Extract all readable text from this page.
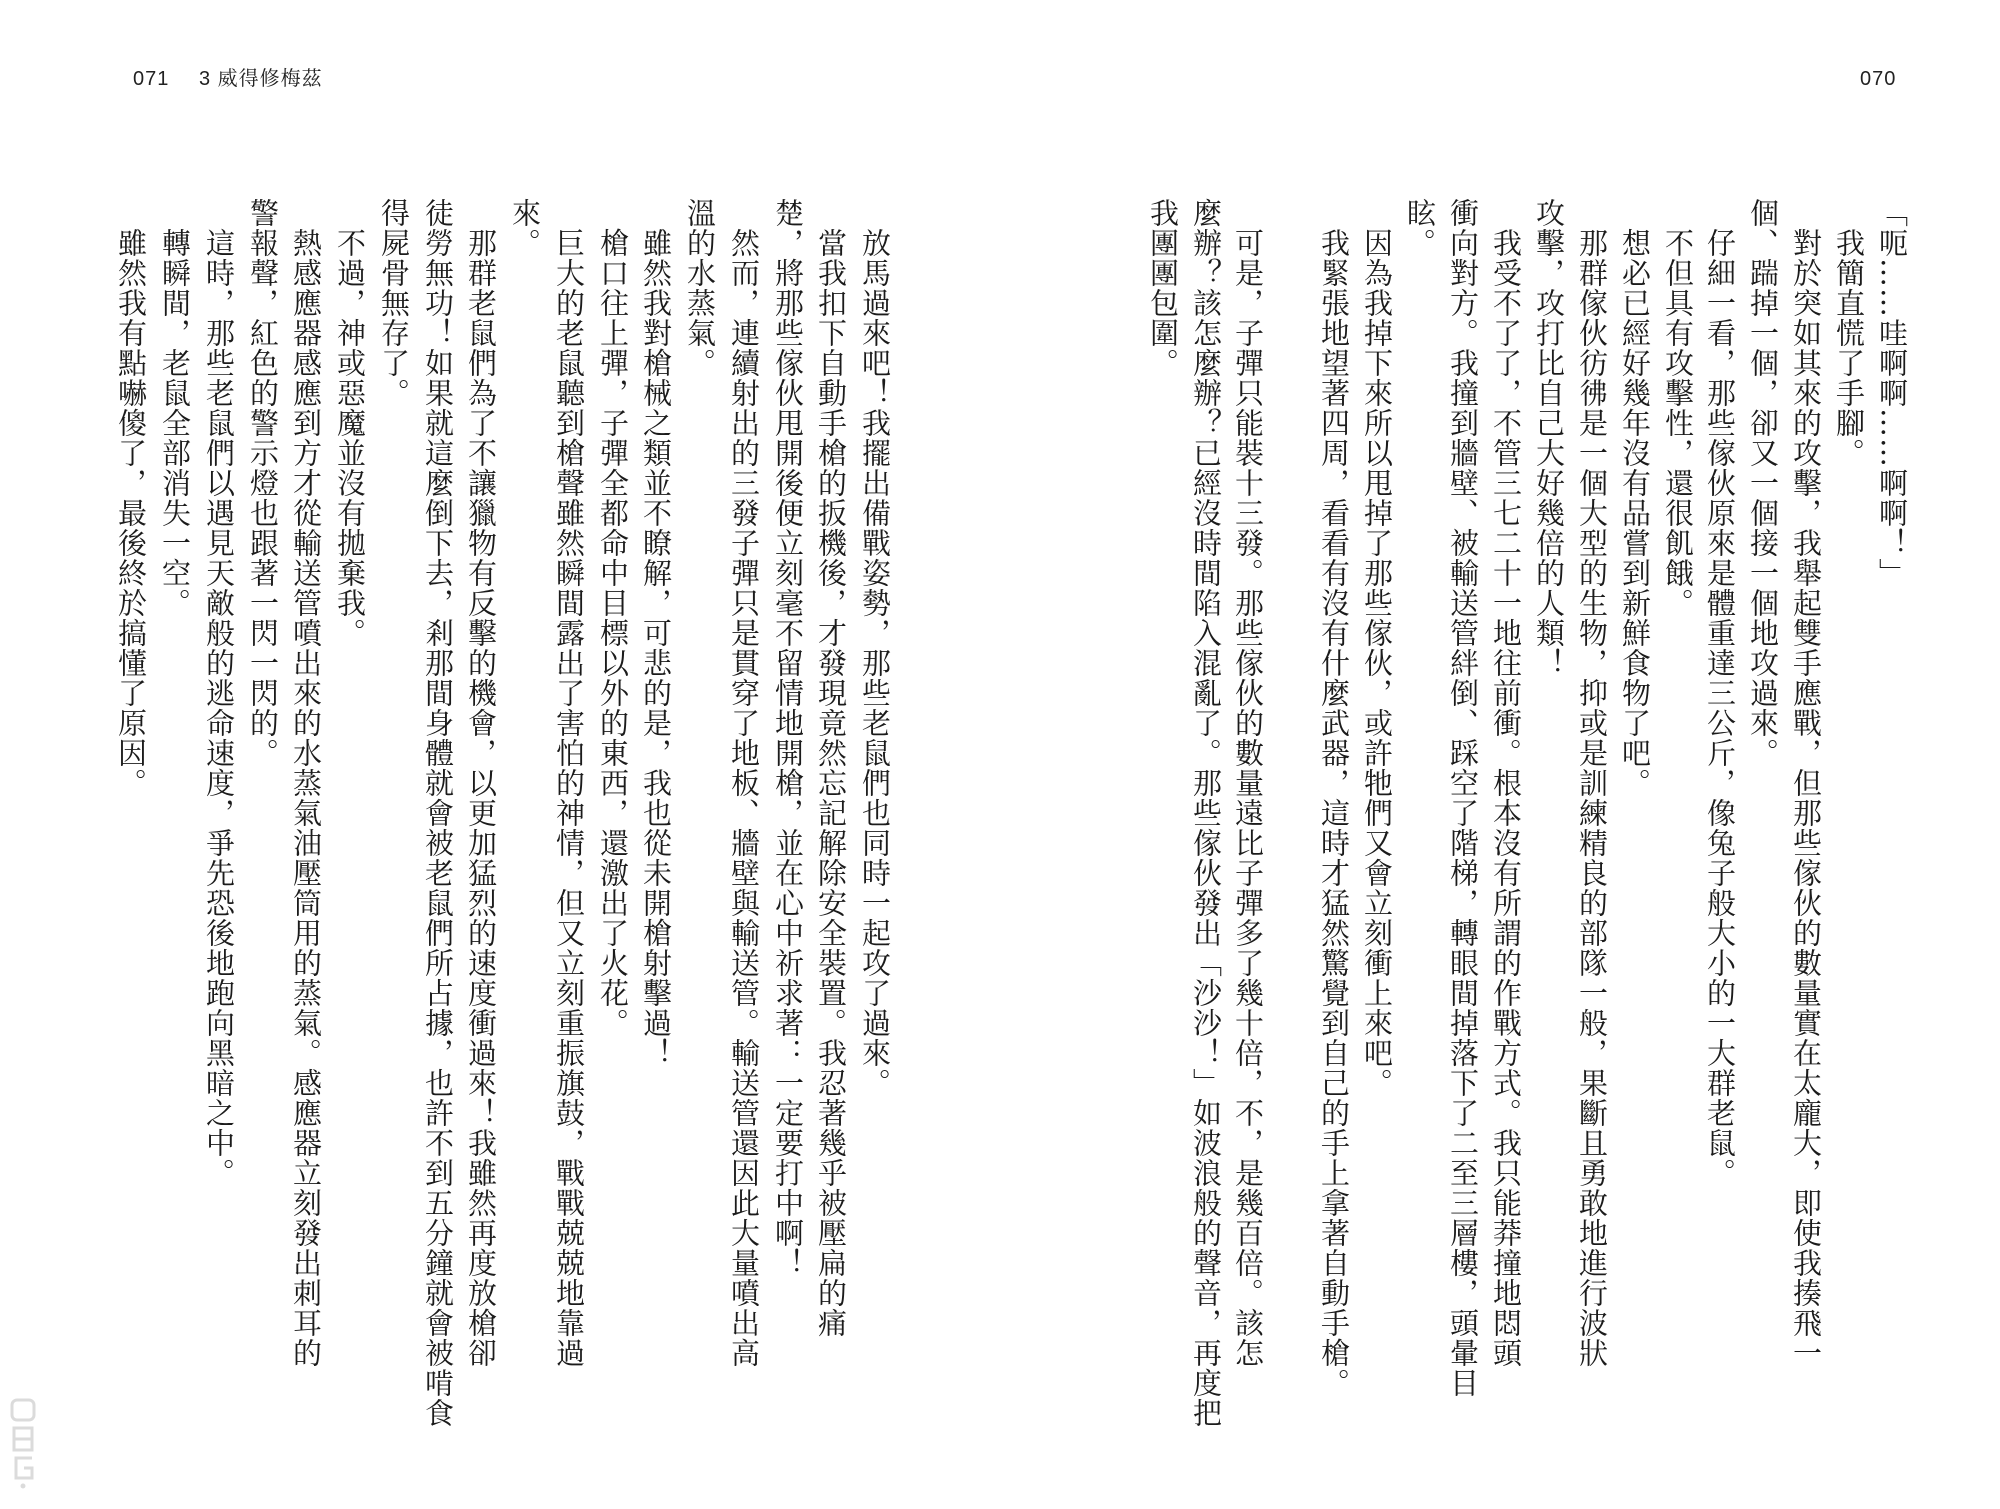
071 3 威得修梅茲
放馬過來吧！我擺出備戰姿勢，那些老鼠們也同時一起攻了過來。
當我扣下自動手槍的扳機後，才發現竟然忘記解除安全裝置。我忍著幾乎被壓扁的痛
楚，將那些傢伙甩開後便立刻毫不留情地開槍，並在心中祈求著：一定要打中啊！
然而，連續射出的三發子彈只是貫穿了地板、牆壁與輸送管。輸送管還因此大量噴出高
溫的水蒸氣。
雖然我對槍械之類並不瞭解，可悲的是，我也從未開槍射擊過！
槍口往上彈，子彈全都命中目標以外的東西，還激出了火花。
巨大的老鼠聽到槍聲雖然瞬間露出了害怕的神情，但又立刻重振旗鼓，戰戰兢兢地靠過
來。
那群老鼠們為了不讓獵物有反擊的機會，以更加猛烈的速度衝過來！我雖然再度放槍卻
徒勞無功！如果就這麼倒下去，剎那間身體就會被老鼠們所占據，也許不到五分鐘就會被啃食
得屍骨無存了。
不過，神或惡魔並沒有拋棄我。
熱感應器感應到方才從輸送管噴出來的水蒸氣油壓筒用的蒸氣。感應器立刻發出刺耳的
警報聲，紅色的警示燈也跟著一閃一閃的。
這時，那些老鼠們以遇見天敵般的逃命速度，爭先恐後地跑向黑暗之中。
轉瞬間，老鼠全部消失一空。
雖然我有點嚇傻了，最後終於搞懂了原因。
070
「呃……哇啊啊……啊啊！」
我簡直慌了手腳。
對於突如其來的攻擊，我舉起雙手應戰，但那些傢伙的數量實在太龐大，即使我揍飛一
個、踹掉一個，卻又一個接一個地攻過來。
仔細一看，那些傢伙原來是體重達三公斤，像兔子般大小的一大群老鼠。
不但具有攻擊性，還很飢餓。
想必已經好幾年沒有品嘗到新鮮食物了吧。
那群傢伙彷彿是一個大型的生物，抑或是訓練精良的部隊一般，果斷且勇敢地進行波狀
攻擊，攻打比自己大好幾倍的人類！
我受不了了，不管三七二十一地往前衝。根本沒有所謂的作戰方式。我只能莽撞地悶頭
衝向對方。我撞到牆壁、被輸送管絆倒、踩空了階梯，轉眼間掉落下了二至三層樓，頭暈目
眩。
因為我掉下來所以甩掉了那些傢伙，或許牠們又會立刻衝上來吧。
我緊張地望著四周，看看有沒有什麼武器，這時才猛然驚覺到自己的手上拿著自動手槍。
可是，子彈只能裝十三發。那些傢伙的數量遠比子彈多了幾十倍，不，是幾百倍。該怎
麼辦？該怎麼辦？已經沒時間陷入混亂了。那些傢伙發出「沙沙！」如波浪般的聲音，再度把
我團團包圍。
